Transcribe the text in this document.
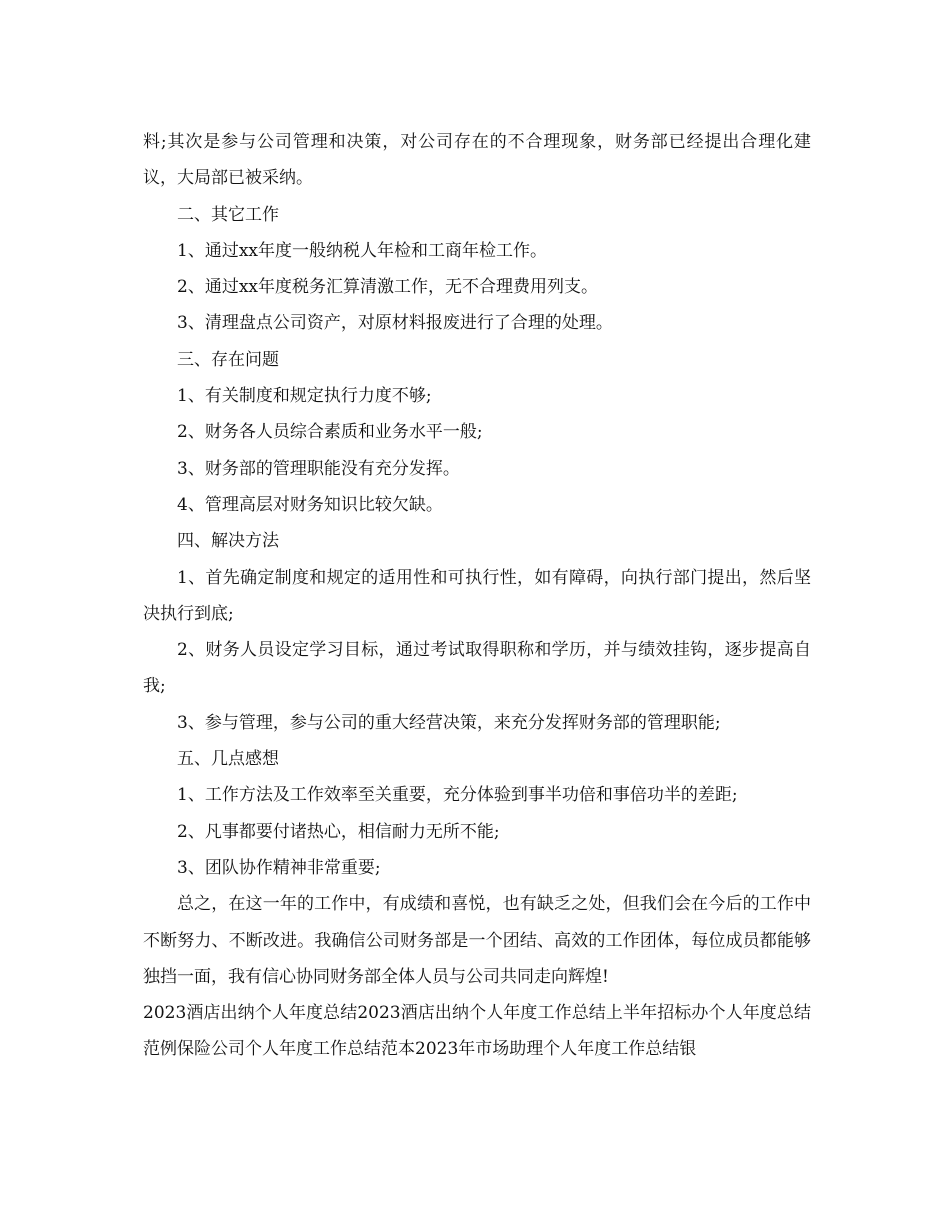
料;其次是参与公司管理和决策，对公司存在的不合理现象，财务部已经提出合理化建议，大局部已被采纳。

二、其它工作

1、通过xx年度一般纳税人年检和工商年检工作。

2、通过xx年度税务汇算清激工作，无不合理费用列支。

3、清理盘点公司资产，对原材料报废进行了合理的处理。

三、存在问题

1、有关制度和规定执行力度不够;

2、财务各人员综合素质和业务水平一般;

3、财务部的管理职能没有充分发挥。

4、管理高层对财务知识比较欠缺。

四、解决方法

1、首先确定制度和规定的适用性和可执行性，如有障碍，向执行部门提出，然后坚决执行到底;

2、财务人员设定学习目标，通过考试取得职称和学历，并与绩效挂钩，逐步提高自我;

3、参与管理，参与公司的重大经营决策，来充分发挥财务部的管理职能;

五、几点感想

1、工作方法及工作效率至关重要，充分体验到事半功倍和事倍功半的差距;

2、凡事都要付诸热心，相信耐力无所不能;

3、团队协作精神非常重要;

总之，在这一年的工作中，有成绩和喜悦，也有缺乏之处，但我们会在今后的工作中不断努力、不断改进。我确信公司财务部是一个团结、高效的工作团体，每位成员都能够独挡一面，我有信心协同财务部全体人员与公司共同走向辉煌!

2023酒店出纳个人年度总结2023酒店出纳个人年度工作总结上半年招标办个人年度总结范例保险公司个人年度工作总结范本2023年市场助理个人年度工作总结银
